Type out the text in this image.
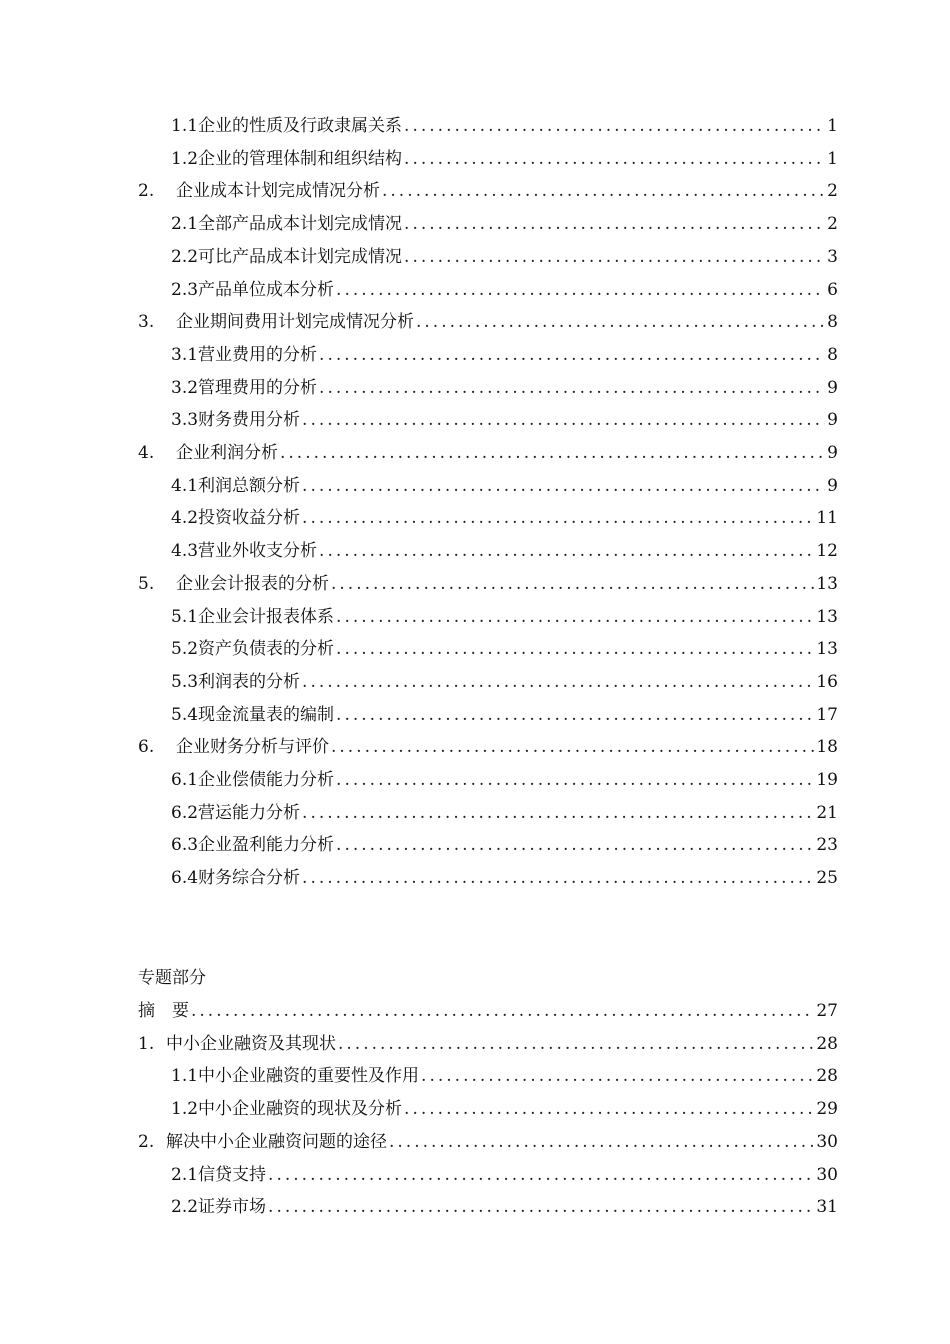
1.1 企业的性质及行政隶属关系 .....	1
1.2 企业的管理体制和组织结构 .....	1
2.	企业成本计划完成情况分析 .....	2
2.1 全部产品成本计划完成情况 .....	2
2.2 可比产品成本计划完成情况 .....	3
2.3 产品单位成本分析 .....	6
3.	企业期间费用计划完成情况分析 .....	8
3.1 营业费用的分析 .....	8
3.2 管理费用的分析 .....	9
3.3 财务费用分析 .....	9
4.	企业利润分析 .....	9
4.1 利润总额分析 .....	9
4.2 投资收益分析 .....	11
4.3 营业外收支分析 .....	12
5.	企业会计报表的分析 .....	13
5.1 企业会计报表体系 .....	13
5.2 资产负债表的分析 .....	13
5.3 利润表的分析 .....	16
5.4 现金流量表的编制 .....	17
6.	企业财务分析与评价 .....	18
6.1 企业偿债能力分析 .....	19
6.2 营运能力分析 .....	21
6.3 企业盈利能力分析 .....	23
6.4 财务综合分析 .....	25
专题部分
摘　要 .....	27
1. 中小企业融资及其现状 .....	28
1.1 中小企业融资的重要性及作用 .....	28
1.2 中小企业融资的现状及分析 .....	29
2. 解决中小企业融资问题的途径 .....	30
2.1 信贷支持 .....	30
2.2 证券市场 .....	31
